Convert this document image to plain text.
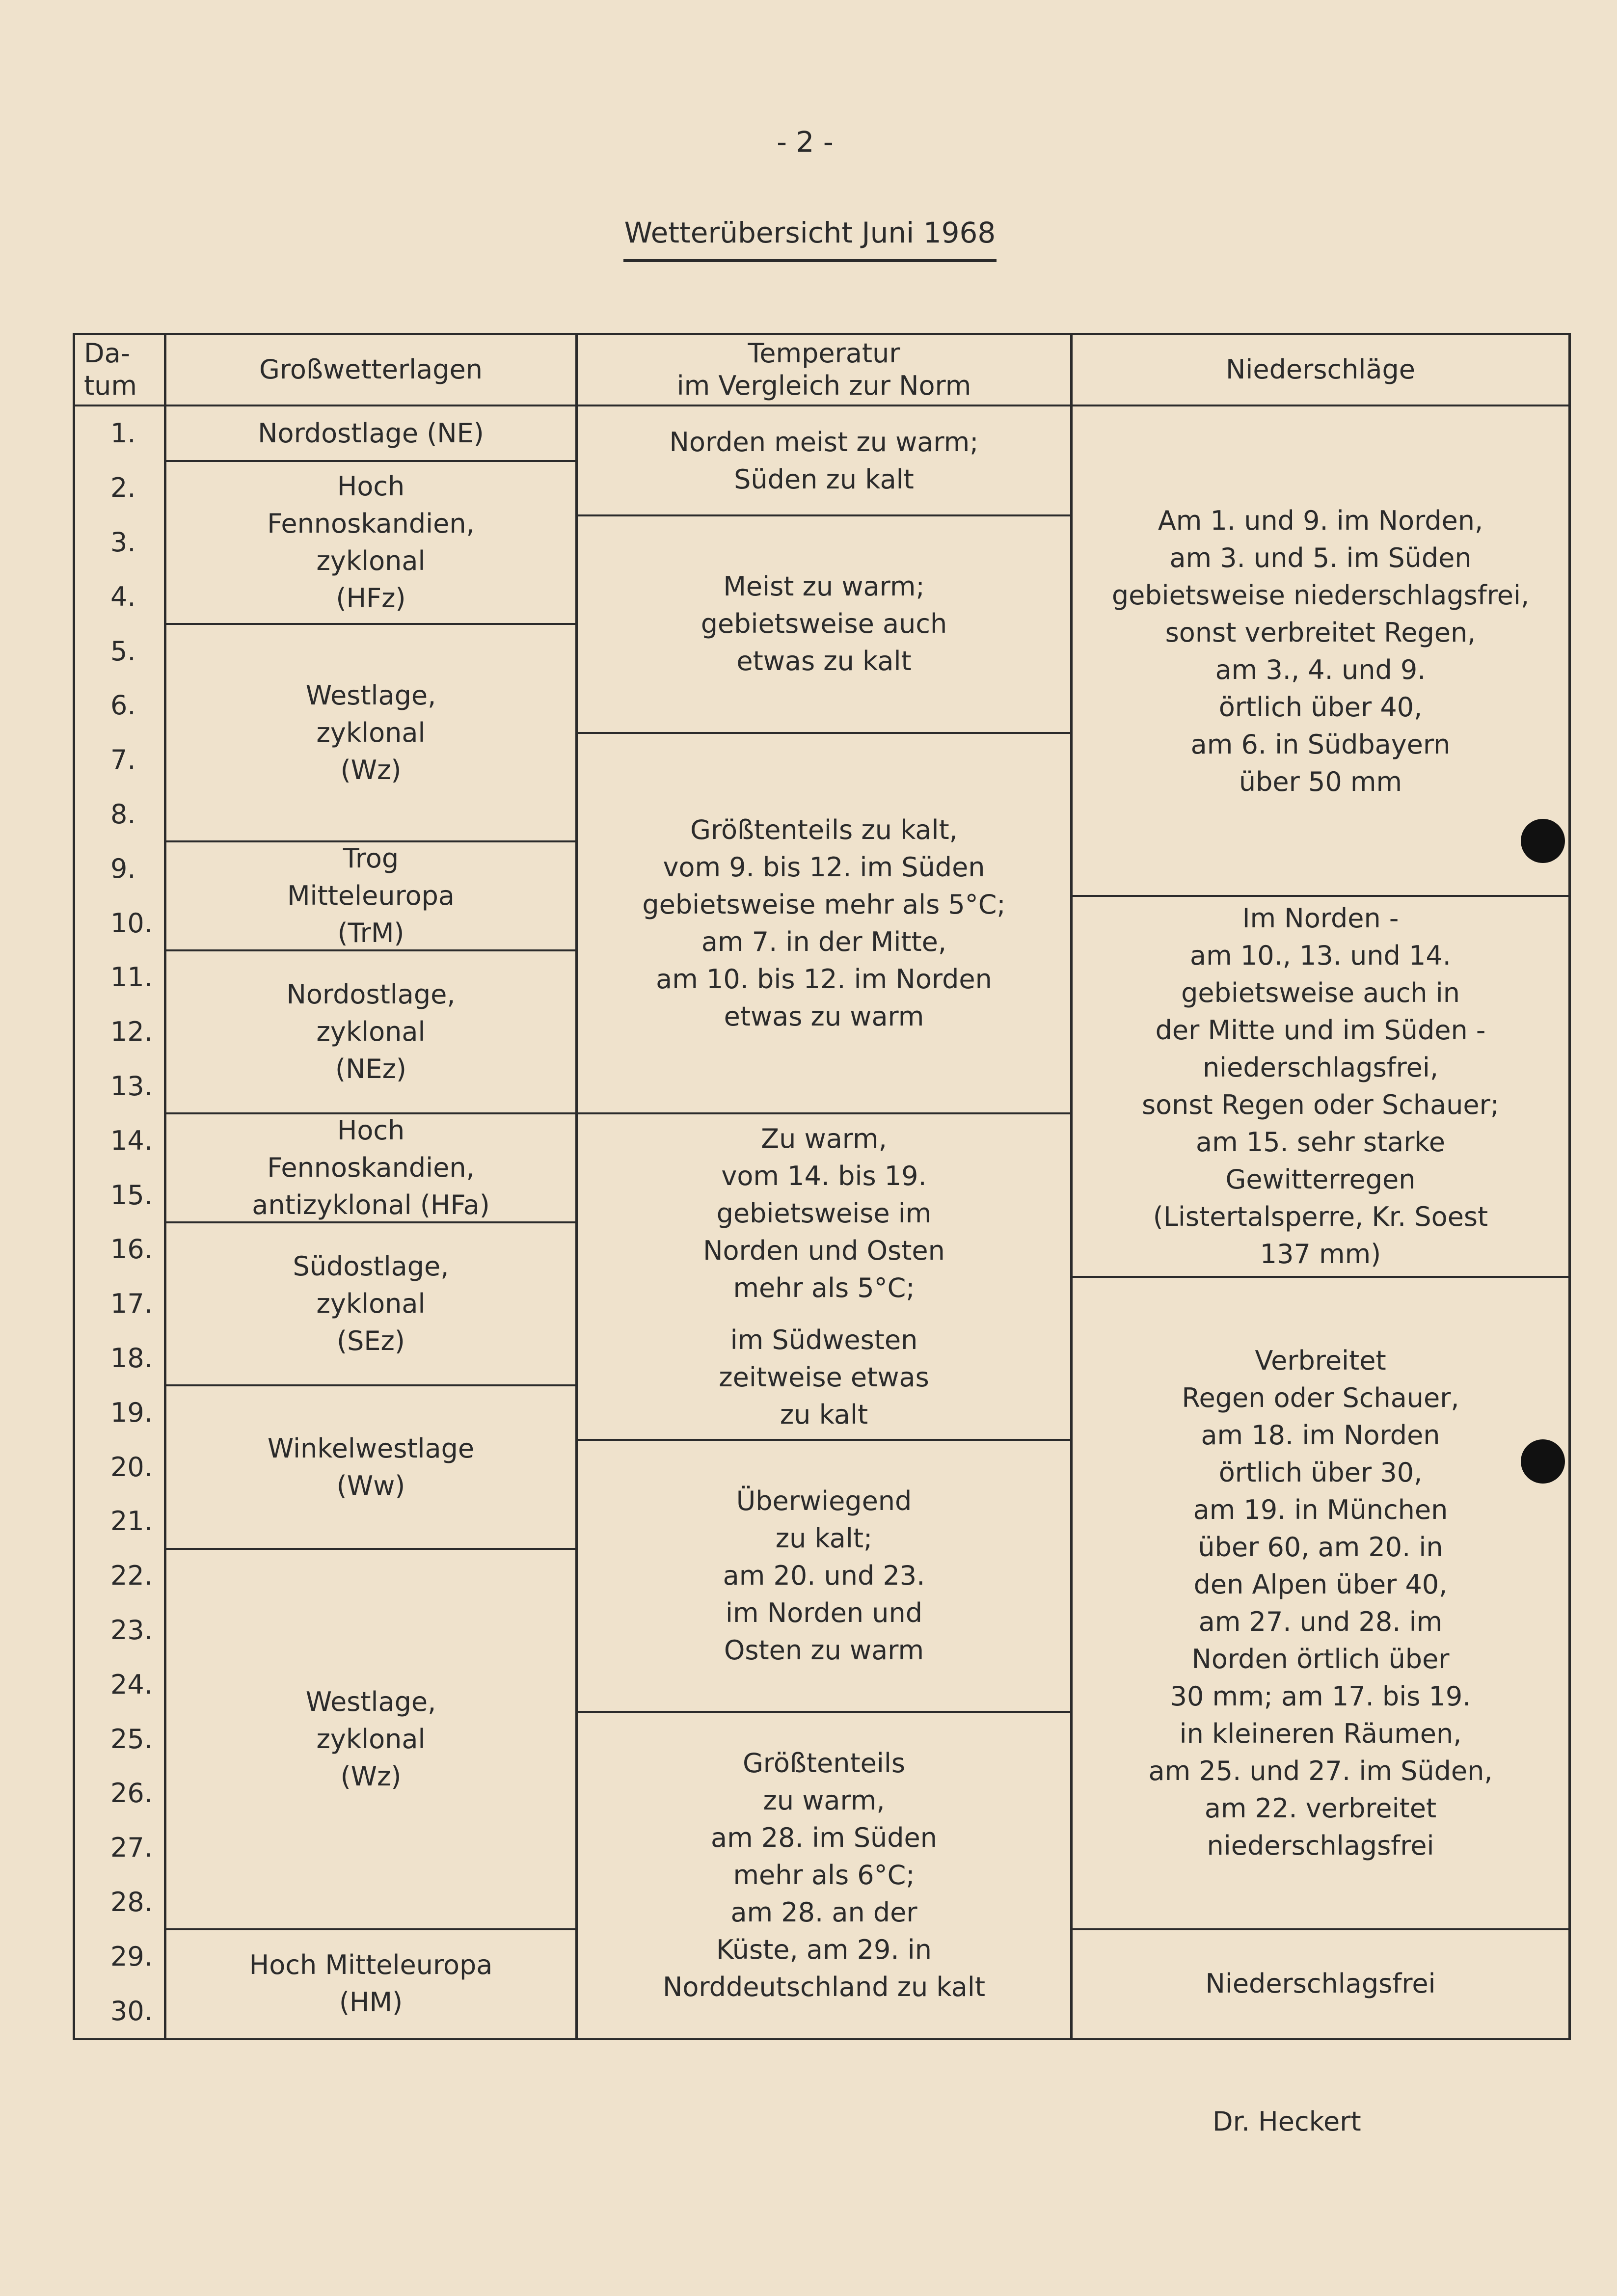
- 2 -
Wetterübersicht Juni 1968
Da-
tum
Großwetterlagen
Temperatur
im Vergleich zur Norm
Niederschläge
1.
2.
3.
4.
5.
6.
7.
8.
9.
10.
11.
12.
13.
14.
15.
16.
17.
18.
19.
20.
21.
22.
23.
24.
25.
26.
27.
28.
29.
30.
Nordostlage (NE)
Hoch
Fennoskandien,
zyklonal
(HFz)
Westlage,
zyklonal
(Wz)
Trog
Mitteleuropa
(TrM)
Nordostlage,
zyklonal
(NEz)
Hoch
Fennoskandien,
antizyklonal (HFa)
Südostlage,
zyklonal
(SEz)
Winkelwestlage
(Ww)
Westlage,
zyklonal
(Wz)
Hoch Mitteleuropa
(HM)
Norden meist zu warm;
Süden zu kalt
Meist zu warm;
gebietsweise auch
etwas zu kalt
Größtenteils zu kalt,
vom 9. bis 12. im Süden
gebietsweise mehr als 5°C;
am 7. in der Mitte,
am 10. bis 12. im Norden
etwas zu warm
Zu warm,
vom 14. bis 19.
gebietsweise im
Norden und Osten
mehr als 5°C;
im Südwesten
zeitweise etwas
zu kalt
Überwiegend
zu kalt;
am 20. und 23.
im Norden und
Osten zu warm
Größtenteils
zu warm,
am 28. im Süden
mehr als 6°C;
am 28. an der
Küste, am 29. in
Norddeutschland zu kalt
Am 1. und 9. im Norden,
am 3. und 5. im Süden
gebietsweise niederschlagsfrei,
sonst verbreitet Regen,
am 3., 4. und 9.
örtlich über 40,
am 6. in Südbayern
über 50 mm
Im Norden -
am 10., 13. und 14.
gebietsweise auch in
der Mitte und im Süden -
niederschlagsfrei,
sonst Regen oder Schauer;
am 15. sehr starke
Gewitterregen
(Listertalsperre, Kr. Soest
137 mm)
Verbreitet
Regen oder Schauer,
am 18. im Norden
örtlich über 30,
am 19. in München
über 60, am 20. in
den Alpen über 40,
am 27. und 28. im
Norden örtlich über
30 mm; am 17. bis 19.
in kleineren Räumen,
am 25. und 27. im Süden,
am 22. verbreitet
niederschlagsfrei
Niederschlagsfrei
Dr. Heckert
